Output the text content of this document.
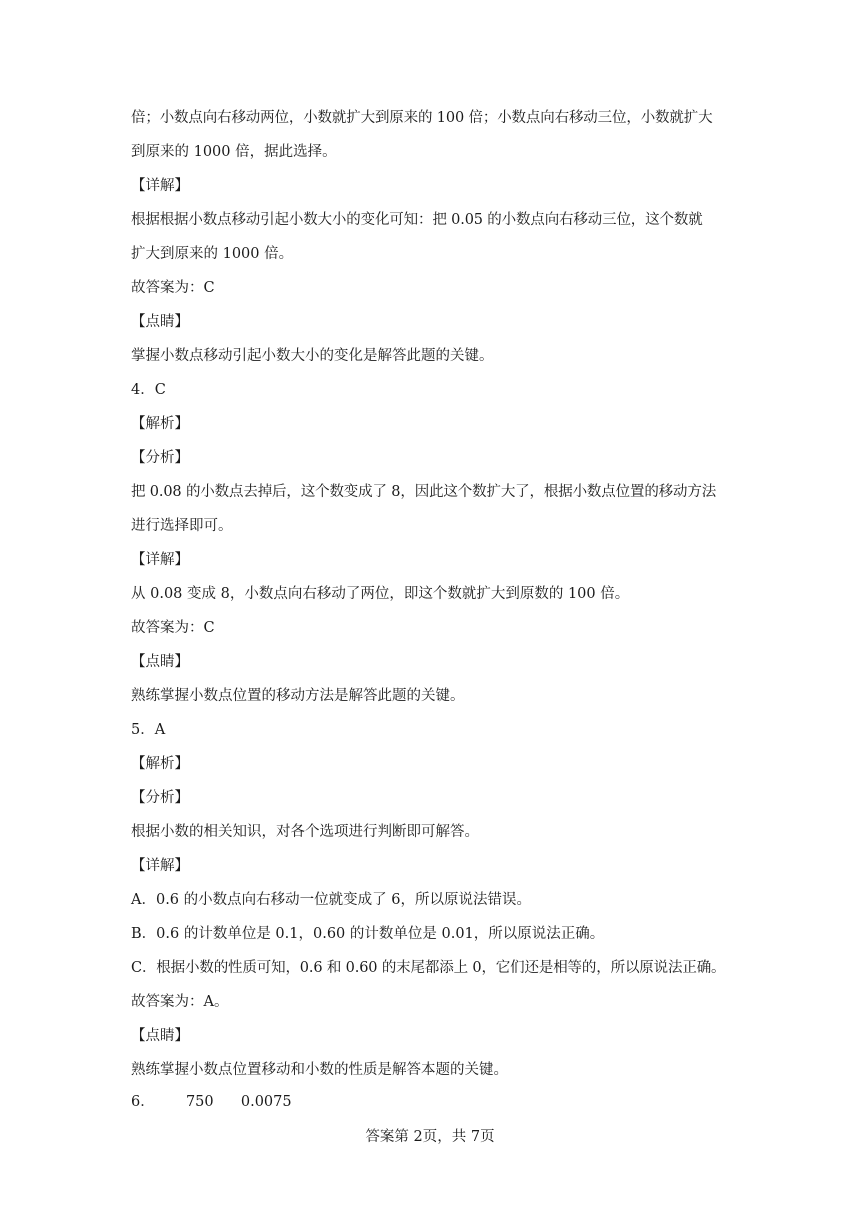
倍；小数点向右移动两位，小数就扩大到原来的 100 倍；小数点向右移动三位，小数就扩大
到原来的 1000 倍，据此选择。
【详解】
根据根据小数点移动引起小数大小的变化可知：把 0.05 的小数点向右移动三位，这个数就
扩大到原来的 1000 倍。
故答案为：C
【点睛】
掌握小数点移动引起小数大小的变化是解答此题的关键。
4．C
【解析】
【分析】
把 0.08 的小数点去掉后，这个数变成了 8，因此这个数扩大了，根据小数点位置的移动方法
进行选择即可。
【详解】
从 0.08 变成 8，小数点向右移动了两位，即这个数就扩大到原数的 100 倍。
故答案为：C
【点睛】
熟练掌握小数点位置的移动方法是解答此题的关键。
5．A
【解析】
【分析】
根据小数的相关知识，对各个选项进行判断即可解答。
【详解】
A．0.6 的小数点向右移动一位就变成了 6，所以原说法错误。
B．0.6 的计数单位是 0.1，0.60 的计数单位是 0.01，所以原说法正确。
C．根据小数的性质可知，0.6 和 0.60 的末尾都添上 0，它们还是相等的，所以原说法正确。
故答案为：A。
【点睛】
熟练掌握小数点位置移动和小数的性质是解答本题的关键。
6． 750 0.0075
答案第 2页，共 7页
